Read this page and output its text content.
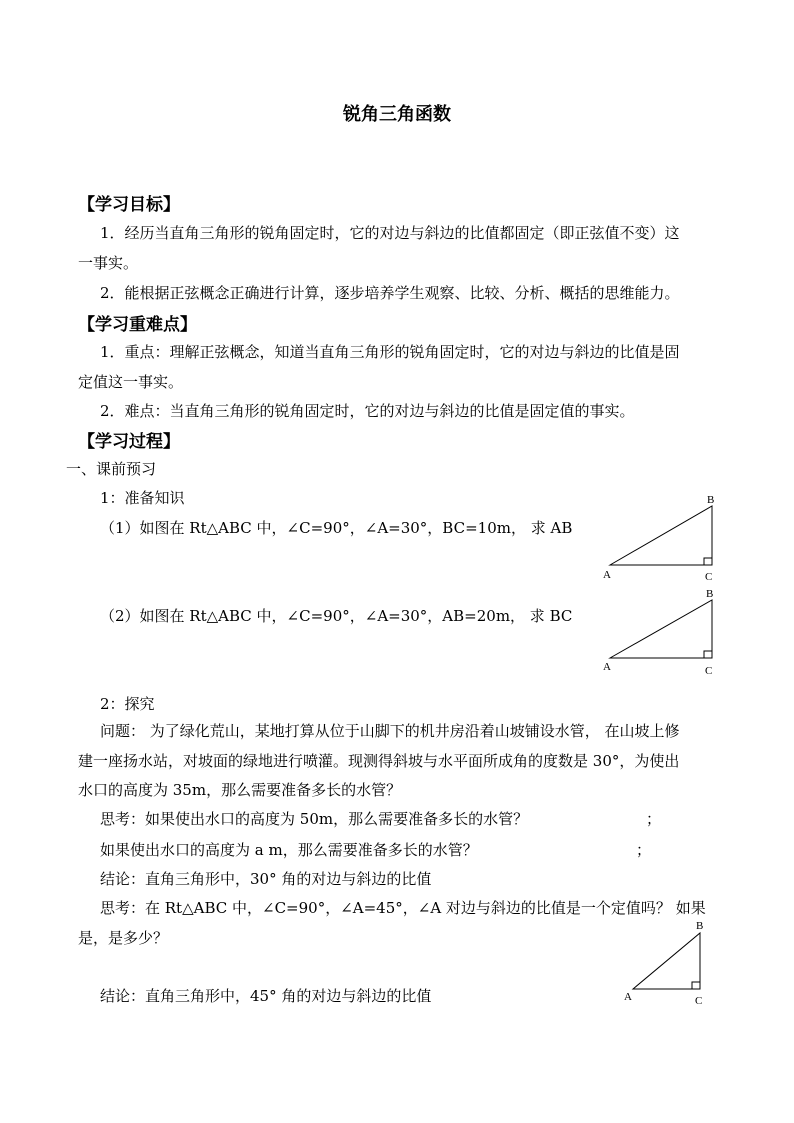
锐角三角函数
【学习目标】
1．经历当直角三角形的锐角固定时，它的对边与斜边的比值都固定（即正弦值不变）这
一事实。
2．能根据正弦概念正确进行计算，逐步培养学生观察、比较、分析、概括的思维能力。
【学习重难点】
1．重点：理解正弦概念，知道当直角三角形的锐角固定时，它的对边与斜边的比值是固
定值这一事实。
2．难点：当直角三角形的锐角固定时，它的对边与斜边的比值是固定值的事实。
【学习过程】
一、课前预习
1：准备知识
（1）如图在 Rt△ABC 中，∠C=90°，∠A=30°，BC=10m， 求 AB
（2）如图在 Rt△ABC 中，∠C=90°，∠A=30°，AB=20m， 求 BC
2：探究
问题： 为了绿化荒山，某地打算从位于山脚下的机井房沿着山坡铺设水管， 在山坡上修
建一座扬水站，对坡面的绿地进行喷灌。现测得斜坡与水平面所成角的度数是 30°，为使出
水口的高度为 35m，那么需要准备多长的水管？
思考：如果使出水口的高度为 50m，那么需要准备多长的水管？	；
如果使出水口的高度为 a m，那么需要准备多长的水管？	；
结论：直角三角形中，30° 角的对边与斜边的比值
思考：在 Rt△ABC 中，∠C=90°，∠A=45°，∠A 对边与斜边的比值是一个定值吗？ 如果
是，是多少？
结论：直角三角形中，45° 角的对边与斜边的比值
B
A	C
B
A	C
B
A	C
